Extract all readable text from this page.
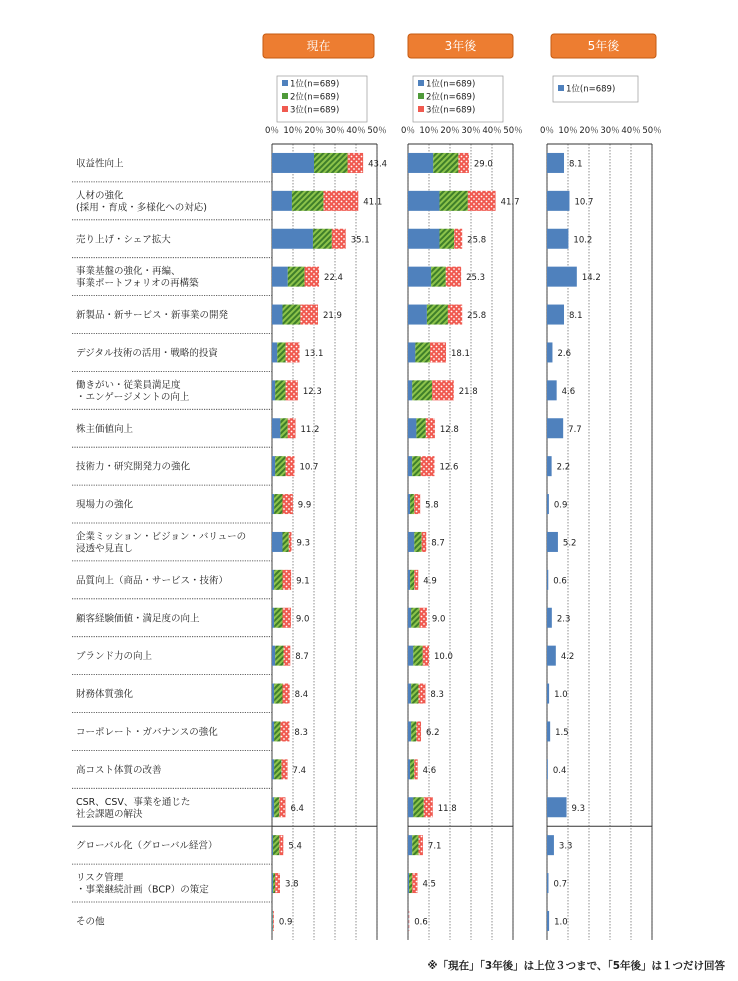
収益性向上
人材の強化
(採用・育成・多様化への対応)
売り上げ・シェア拡大
事業基盤の強化・再編、
事業ポートフォリオの再構築
新製品・新サービス・新事業の開発
デジタル技術の活用・戦略的投資
働きがい・従業員満足度
・エンゲージメントの向上
株主価値向上
技術力・研究開発力の強化
現場力の強化
企業ミッション・ビジョン・バリューの
浸透や見直し
品質向上（商品・サービス・技術）
顧客経験価値・満足度の向上
ブランド力の向上
財務体質強化
コーポレート・ガバナンスの強化
高コスト体質の改善
CSR、CSV、事業を通じた
社会課題の解決
グローバル化（グローバル経営）
リスク管理
・事業継続計画（BCP）の策定
その他
現在
1位(n=689)
2位(n=689)
3位(n=689)
0％ 10％ 20％ 30％ 40％ 50％
43.4
41.1
35.1
22.4
21.9
13.1
12.3
11.2
10.7
9.9
9.3
9.1
9.0
8.7
8.4
8.3
7.4
6.4
5.4
3.8
0.9
3年後
1位(n=689)
2位(n=689)
3位(n=689)
0％ 10％ 20％ 30％ 40％ 50％
29.0
41.7
25.8
25.3
25.8
18.1
21.8
12.8
12.6
5.8
8.7
4.9
9.0
10.0
8.3
6.2
4.6
11.8
7.1
4.5
0.6
5年後
1位(n=689)
0％ 10％ 20％ 30％ 40％ 50％
8.1
10.7
10.2
14.2
8.1
2.6
4.6
7.7
2.2
0.9
5.2
0.6
2.3
4.2
1.0
1.5
0.4
9.3
3.3
0.7
1.0
※「現在」「3年後」は上位３つまで、「5年後」は１つだけ回答
